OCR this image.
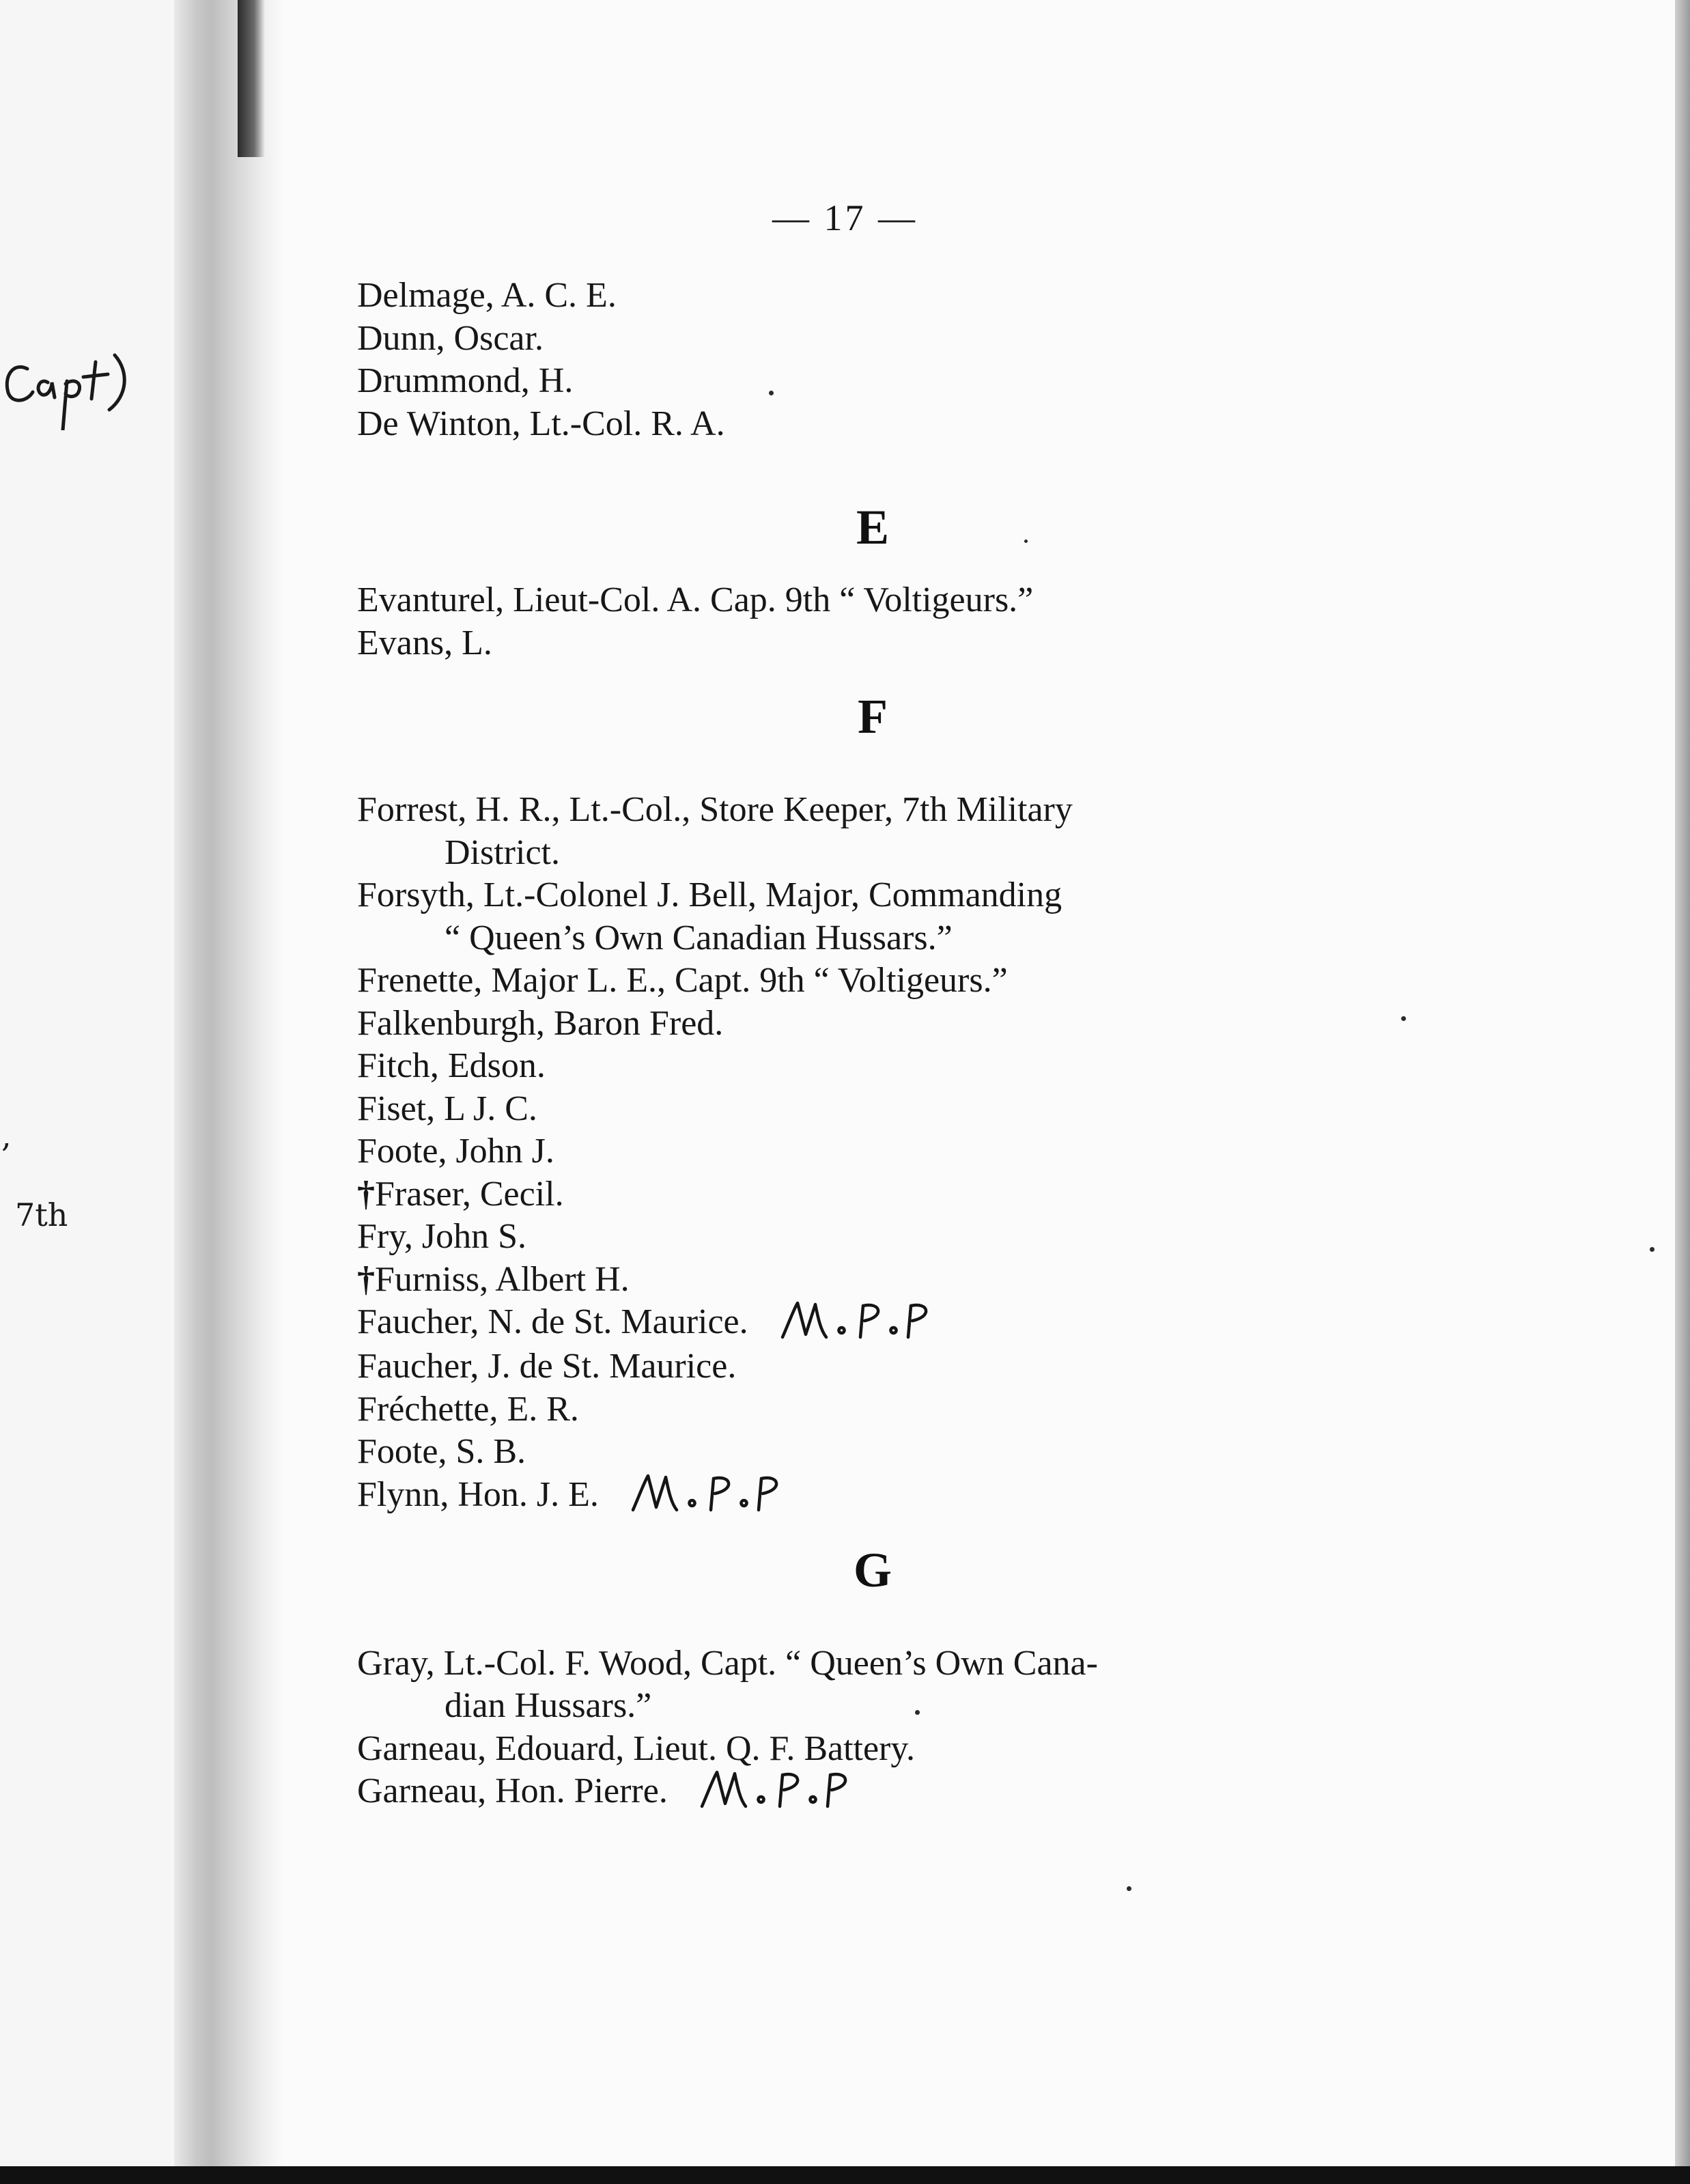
,
7th
— 17 —
Delmage, A. C. E.
Dunn, Oscar.
Drummond, H.
De Winton, Lt.-Col. R. A.
E
Evanturel, Lieut-Col. A. Cap. 9th “ Voltigeurs.”
Evans, L.
F
Forrest, H. R., Lt.-Col., Store Keeper, 7th Military
District.
Forsyth, Lt.-Colonel J. Bell, Major, Commanding
“ Queen’s Own Canadian Hussars.”
Frenette, Major L. E., Capt. 9th “ Voltigeurs.”
Falkenburgh, Baron Fred.
Fitch, Edson.
Fiset, L J. C.
Foote, John J.
†Fraser, Cecil.
Fry, John S.
†Furniss, Albert H.
Faucher, N. de St. Maurice.
Faucher, J. de St. Maurice.
Fréchette, E. R.
Foote, S. B.
Flynn, Hon. J. E.
G
Gray, Lt.-Col. F. Wood, Capt. “ Queen’s Own Cana-
dian Hussars.”
Garneau, Edouard, Lieut. Q. F. Battery.
Garneau, Hon. Pierre.
